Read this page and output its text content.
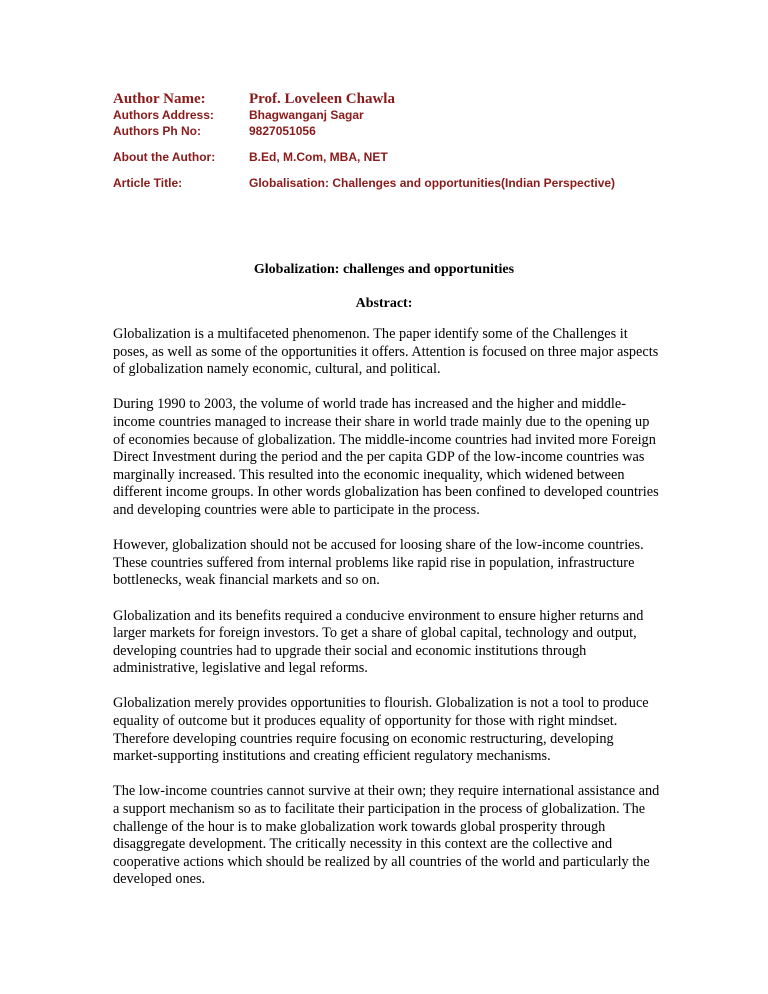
Author Name:	Prof. Loveleen Chawla
Authors Address:	Bhagwanganj Sagar
Authors Ph No:	9827051056
About the Author:	B.Ed, M.Com, MBA, NET
Article Title:	Globalisation: Challenges and opportunities(Indian Perspective)
Globalization: challenges and opportunities
Abstract:

Globalization is a multifaceted phenomenon. The paper identify some of the Challenges it poses, as well as some of the opportunities it offers. Attention is focused on three major aspects of globalization namely economic, cultural, and political.

During 1990 to 2003, the volume of world trade has increased and the higher and middle-income countries managed to increase their share in world trade mainly due to the opening up of economies because of globalization. The middle-income countries had invited more Foreign Direct Investment during the period and the per capita GDP of the low-income countries was marginally increased. This resulted into the economic inequality, which widened between different income groups. In other words globalization has been confined to developed countries and developing countries were able to participate in the process.

However, globalization should not be accused for loosing share of the low-income countries. These countries suffered from internal problems like rapid rise in population, infrastructure bottlenecks, weak financial markets and so on.

Globalization and its benefits required a conducive environment to ensure higher returns and larger markets for foreign investors. To get a share of global capital, technology and output, developing countries had to upgrade their social and economic institutions through administrative, legislative and legal reforms.

Globalization merely provides opportunities to flourish. Globalization is not a tool to produce equality of outcome but it produces equality of opportunity for those with right mindset. Therefore developing countries require focusing on economic restructuring, developing market-supporting institutions and creating efficient regulatory mechanisms.

The low-income countries cannot survive at their own; they require international assistance and a support mechanism so as to facilitate their participation in the process of globalization. The challenge of the hour is to make globalization work towards global prosperity through disaggregate development. The critically necessity in this context are the collective and cooperative actions which should be realized by all countries of the world and particularly the developed ones.
